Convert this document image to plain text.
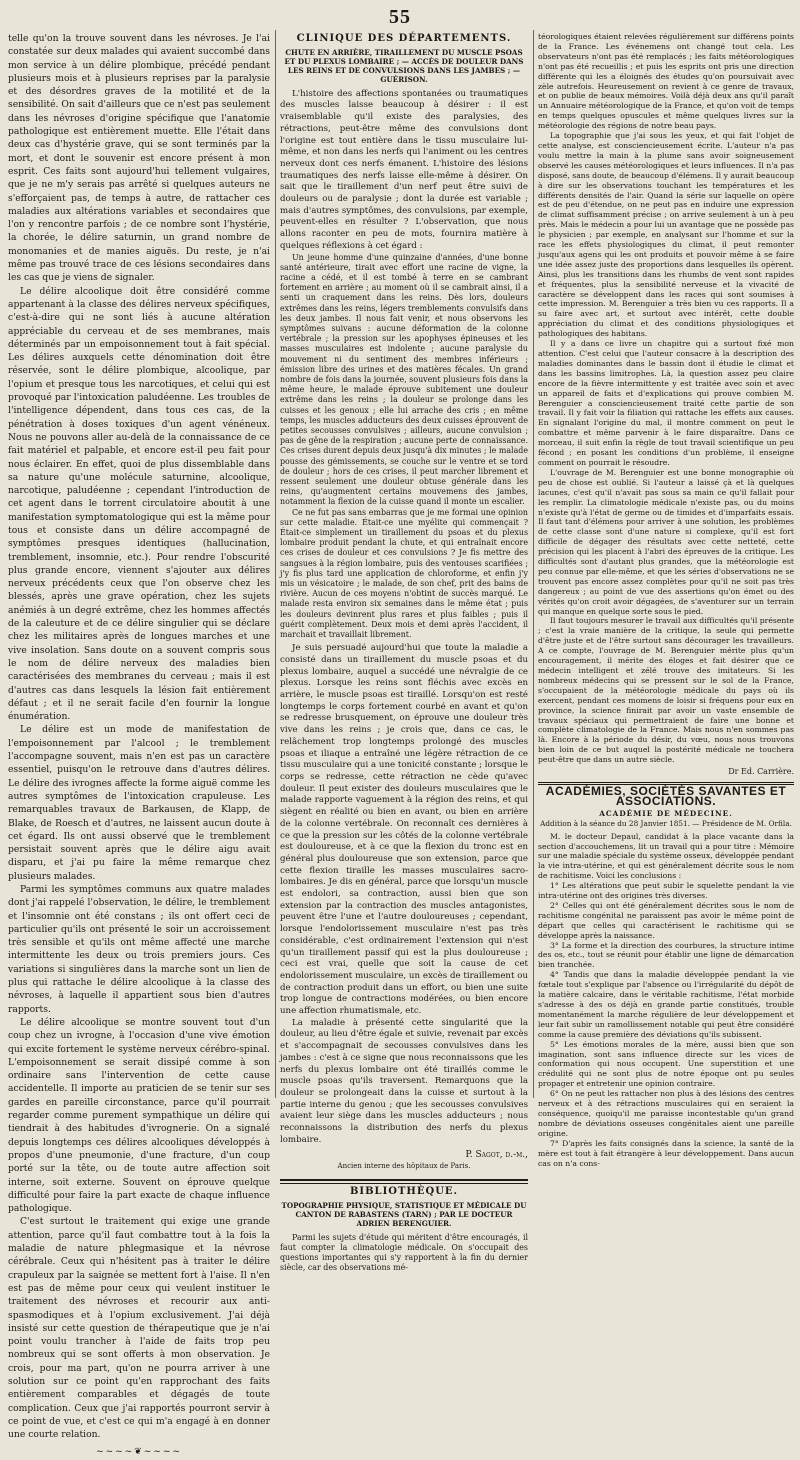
55

telle qu'on la trouve souvent dans les névroses. Je l'ai constatée sur deux malades qui avaient succombé dans mon service à un délire plombique, précédé pendant plusieurs mois et à plusieurs reprises par la paralysie et des désordres graves de la motilité et de la sensibilité. On sait d'ailleurs que ce n'est pas seulement dans les névroses d'origine spécifique que l'anatomie pathologique est entièrement muette. Elle l'était dans deux cas d'hystérie grave, qui se sont terminés par la mort, et dont le souvenir est encore présent à mon esprit. Ces faits sont aujourd'hui tellement vulgaires, que je ne m'y serais pas arrêté si quelques auteurs ne s'efforçaient pas, de temps à autre, de rattacher ces maladies aux altérations variables et secondaires que l'on y rencontre parfois ; de ce nombre sont l'hystérie, la chorée, le délire saturnin, un grand nombre de monomanies et de manies aiguës. Du reste, je n'ai même pas trouvé trace de ces lésions secondaires dans les cas que je viens de signaler.

Le délire alcoolique doit être considéré comme appartenant à la classe des délires nerveux spécifiques, c'est-à-dire qui ne sont liés à aucune altération appréciable du cerveau et de ses membranes, mais déterminés par un empoisonnement tout à fait spécial. Les délires auxquels cette dénomination doit être réservée, sont le délire plombique, alcoolique, par l'opium et presque tous les narcotiques, et celui qui est provoqué par l'intoxication paludéenne. Les troubles de l'intelligence dépendent, dans tous ces cas, de la pénétration à doses toxiques d'un agent vénéneux. Nous ne pouvons aller au-delà de la connaissance de ce fait matériel et palpable, et encore est-il peu fait pour nous éclairer. En effet, quoi de plus dissemblable dans sa nature qu'une molécule saturnine, alcoolique, narcotique, paludéenne ; cependant l'introduction de cet agent dans le torrent circulatoire aboutit à une manifestation symptomatologique qui est la même pour tous et consiste dans un délire accompagné de symptômes presques identiques (hallucination, tremblement, insomnie, etc.). Pour rendre l'obscurité plus grande encore, viennent s'ajouter aux délires nerveux précédents ceux que l'on observe chez les blessés, après une grave opération, chez les sujets anémiés à un degré extrême, chez les hommes affectés de la caleuture et de ce délire singulier qui se déclare chez les militaires après de longues marches et une vive insolation. Sans doute on a souvent compris sous le nom de délire nerveux des maladies bien caractérisées des membranes du cerveau ; mais il est d'autres cas dans lesquels la lésion fait entièrement défaut ; et il ne serait facile d'en fournir la longue énumération.

Le délire est un mode de manifestation de l'empoisonnement par l'alcool ; le tremblement l'accompagne souvent, mais n'en est pas un caractère essentiel, puisqu'on le retrouve dans d'autres délires. Le délire des ivrognes affecte la forme aiguë comme les autres symptômes de l'intoxication crapuleuse. Les remarquables travaux de Barkausen, de Klapp, de Blake, de Roesch et d'autres, ne laissent aucun doute à cet égard. Ils ont aussi observé que le tremblement persistait souvent après que le délire aigu avait disparu, et j'ai pu faire la même remarque chez plusieurs malades.

Parmi les symptômes communs aux quatre malades dont j'ai rappelé l'observation, le délire, le tremblement et l'insomnie ont été constans ; ils ont offert ceci de particulier qu'ils ont présenté le soir un accroissement très sensible et qu'ils ont même affecté une marche intermittente les deux ou trois premiers jours. Ces variations si singulières dans la marche sont un lien de plus qui rattache le délire alcoolique à la classe des névroses, à laquelle il appartient sous bien d'autres rapports.

Le délire alcoolique se montre souvent tout d'un coup chez un ivrogne, à l'occasion d'une vive émotion qui excite fortement le système nerveux cérébro-spinal. L'empoisonnement se serait dissipé comme à son ordinaire sans l'intervention de cette cause accidentelle. Il importe au praticien de se tenir sur ses gardes en pareille circonstance, parce qu'il pourrait regarder comme purement sympathique un délire qui tiendrait à des habitudes d'ivrognerie. On a signalé depuis longtemps ces délires alcooliques développés à propos d'une pneumonie, d'une fracture, d'un coup porté sur la tête, ou de toute autre affection soit interne, soit externe. Souvent on éprouve quelque difficulté pour faire la part exacte de chaque influence pathologique.

C'est surtout le traitement qui exige une grande attention, parce qu'il faut combattre tout à la fois la maladie de nature phlegmasique et la névrose cérébrale. Ceux qui n'hésitent pas à traiter le délire crapuleux par la saignée se mettent fort à l'aise. Il n'en est pas de même pour ceux qui veulent instituer le traitement des névroses et recourir aux anti-spasmodiques et à l'opium exclusivement. J'ai déjà insisté sur cette question de thérapeutique que je n'ai point voulu trancher à l'aide de faits trop peu nombreux qui se sont offerts à mon observation. Je crois, pour ma part, qu'on ne pourra arriver à une solution sur ce point qu'en rapprochant des faits entièrement comparables et dégagés de toute complication. Ceux que j'ai rapportés pourront servir à ce point de vue, et c'est ce qui m'a engagé à en donner une courte relation.

~~~~❦~~~~
CLINIQUE DES DÉPARTEMENTS.
CHUTE EN ARRIÈRE, TIRAILLEMENT DU MUSCLE PSOAS ET DU PLEXUS LOMBAIRE ; — ACCÈS DE DOULEUR DANS LES REINS ET DE CONVULSIONS DANS LES JAMBES ; — GUÉRISON.

L'histoire des affections spontanées ou traumatiques des muscles laisse beaucoup à désirer : il est vraisemblable qu'il existe des paralysies, des rétractions, peut-être même des convulsions dont l'origine est tout entière dans le tissu musculaire lui-même, et non dans les nerfs qui l'animent ou les centres nerveux dont ces nerfs émanent. L'histoire des lésions traumatiques des nerfs laisse elle-même à désirer. On sait que le tiraillement d'un nerf peut être suivi de douleurs ou de paralysie ; dont la durée est variable ; mais d'autres symptômes, des convulsions, par exemple, peuvent-elles en résulter ? L'observation, que nous allons raconter en peu de mots, fournira matière à quelques réflexions à cet égard :

Un jeune homme d'une quinzaine d'années, d'une bonne santé antérieure, tirait avec effort une racine de vigne, la racine a cédé, et il est tombé à terre en se cambrant fortement en arrière ; au moment où il se cambrait ainsi, il a senti un craquement dans les reins. Dès lors, douleurs extrêmes dans les reins, légers tremblements convulsifs dans les deux jambes. Il nous fait venir, et nous observons les symptômes suivans : aucune déformation de la colonne vertébrale ; la pression sur les apophyses épineuses et les masses musculaires est indolente ; aucune paralysie du mouvement ni du sentiment des membres inférieurs ; émission libre des urines et des matières fécales. Un grand nombre de fois dans la journée, souvent plusieurs fois dans la même heure, le malade éprouve subitement une douleur extrême dans les reins ; la douleur se prolonge dans les cuisses et les genoux ; elle lui arrache des cris ; en même temps, les muscles adducteurs des deux cuisses éprouvent de petites secousses convulsives ; ailleurs, aucune convulsion ; pas de gêne de la respiration ; aucune perte de connaissance. Ces crises durent depuis deux jusqu'à dix minutes ; le malade pousse des gémissements, se couche sur le ventre et se tord de douleur ; hors de ces crises, il peut marcher librement et ressent seulement une douleur obtuse générale dans les reins, qu'augmentent certains mouvemens des jambes, notamment la flexion de la cuisse quand il monte un escalier.

Ce ne fut pas sans embarras que je me formai une opinion sur cette maladie. Était-ce une myélite qui commençait ? Était-ce simplement un tiraillement du psoas et du plexus lombaire produit pendant la chute, et qui entraînait encore ces crises de douleur et ces convulsions ? Je fis mettre des sangsues à la région lombaire, puis des ventouses scarifiées ; j'y fis plus tard une application de chloroforme, et enfin j'y mis un vésicatoire ; le malade, de son chef, prit des bains de rivière. Aucun de ces moyens n'obtint de succès marqué. Le malade resta environ six semaines dans le même état ; puis les douleurs devinrent plus rares et plus faibles ; puis il guérit complètement. Deux mois et demi après l'accident, il marchait et travaillait librement.

Je suis persuadé aujourd'hui que toute la maladie a consisté dans un tiraillement du muscle psoas et du plexus lombaire, auquel a succédé une névralgie de ce plexus. Lorsque les reins sont fléchis avec excès en arrière, le muscle psoas est tiraillé. Lorsqu'on est resté longtemps le corps fortement courbé en avant et qu'on se redresse brusquement, on éprouve une douleur très vive dans les reins ; je crois que, dans ce cas, le relâchement trop longtemps prolongé des muscles psoas et iliaque a entraîné une légère rétraction de ce tissu musculaire qui a une tonicité constante ; lorsque le corps se redresse, cette rétraction ne cède qu'avec douleur. Il peut exister des douleurs musculaires que le malade rapporte vaguement à la région des reins, et qui siègent en réalité ou bien en avant, ou bien en arrière de la colonne vertébrale. On reconnaît ces dernières à ce que la pression sur les côtés de la colonne vertébrale est douloureuse, et à ce que la flexion du tronc est en général plus douloureuse que son extension, parce que cette flexion tiraille les masses musculaires sacro-lombaires. Je dis en général, parce que lorsqu'un muscle est endolori, sa contraction, aussi bien que son extension par la contraction des muscles antagonistes, peuvent être l'une et l'autre douloureuses ; cependant, lorsque l'endolorissement musculaire n'est pas très considérable, c'est ordinairement l'extension qui n'est qu'un tiraillement passif qui est la plus douloureuse ; ceci est vrai, quelle que soit la cause de cet endolorissement musculaire, un excès de tiraillement ou de contraction produit dans un effort, ou bien une suite trop longue de contractions modérées, ou bien encore une affection rhumatismale, etc.

La maladie à présenté cette singularité que la douleur, au lieu d'être égale et suivie, revenait par excès et s'accompagnait de secousses convulsives dans les jambes : c'est à ce signe que nous reconnaissons que les nerfs du plexus lombaire ont été tiraillés comme le muscle psoas qu'ils traversent. Remarquons que la douleur se prolongeait dans la cuisse et surtout à la partie interne du genou ; que les secousses convulsives avaient leur siège dans les muscles adducteurs ; nous reconnaissons la distribution des nerfs du plexus lombaire.

P. Sagot, d.-m.,
Ancien interne des hôpitaux de Paris.
BIBLIOTHÈQUE.
TOPOGRAPHIE PHYSIQUE, STATISTIQUE ET MÉDICALE DU CANTON DE RABASTENS (TARN) ; PAR LE DOCTEUR ADRIEN BERENGUIER.

Parmi les sujets d'étude qui méritent d'être encouragés, il faut compter la climatologie médicale. On s'occupait des questions importantes qui s'y rapportent à la fin du dernier siècle, car des observations mé-

téorologiques étaient relevées régulièrement sur différens points de la France. Les événemens ont changé tout cela. Les observateurs n'ont pas été remplacés ; les faits météorologiques n'ont pas été recueillis ; et puis les esprits ont pris une direction différente qui les a éloignés des études qu'on poursuivait avec zèle autrefois. Heureusement on revient à ce genre de travaux, et on publie de beaux mémoires. Voilà déjà deux ans qu'il paraît un Annuaire météorologique de la France, et qu'on voit de temps en temps quelques opuscules et même quelques livres sur la météorologie des régions de notre beau pays.

La topographie que j'ai sous les yeux, et qui fait l'objet de cette analyse, est consciencieusement écrite. L'auteur n'a pas voulu mettre la main à la plume sans avoir soigneusement observé les causes météorologiques et leurs influences. Il n'a pas disposé, sans doute, de beaucoup d'élémens. Il y aurait beaucoup à dire sur les observations touchant les températures et les différents densités de l'air. Quand la série sur laquelle on opère est de peu d'étendue, on ne peut pas en induire une expression de climat suffisamment précise ; on arrive seulement à un à peu près. Mais le médecin a pour lui un avantage que ne possède pas le physicien ; par exemple, en analysant sur l'homme et sur la race les effets physiologiques du climat, il peut remonter jusqu'aux agens qui les ont produits et pouvoir même à se faire une idée assez juste des proportions dans lesquelles ils opèrent. Ainsi, plus les transitions dans les rhumbs de vent sont rapides et fréquentes, plus la sensibilité nerveuse et la vivacité de caractère se développent dans les races qui sont soumises à cette impression. M. Berenguier a très bien vu ces rapports. Il a su faire avec art, et surtout avec intérêt, cette double appréciation du climat et des conditions physiologiques et pathologiques des habitans.

Il y a dans ce livre un chapitre qui a surtout fixé mon attention. C'est celui que l'auteur consacre à la description des maladies dominantes dans le bassin dont il étudie le climat et dans les bassins limitrophes. Là, la question assez peu claire encore de la fièvre intermittente y est traitée avec soin et avec un appareil de faits et d'explications qui prouve combien M. Berenguier a consciencieusement traité cette partie de son travail. Il y fait voir la filiation qui rattache les effets aux causes. En signalant l'origine du mal, il montre comment on peut le combattre et même parvenir à le faire disparaître. Dans ce morceau, il suit enfin la règle de tout travail scientifique un peu fécond ; en posant les conditions d'un problème, il enseigne comment on pourrait le résoudre.

L'ouvrage de M. Berenguier est une bonne monographie où peu de chose est oublié. Si l'auteur a laissé çà et là quelques lacunes, c'est qu'il n'avait pas sous sa main ce qu'il fallait pour les remplir. La climatologie médicale n'existe pas, ou du moins n'existe qu'à l'état de germe ou de timides et d'imparfaits essais. Il faut tant d'élémens pour arriver à une solution, les problèmes de cette classe sont d'une nature si complexe, qu'il est fort difficile de dégager des résultats avec cette netteté, cette précision qui les placent à l'abri des épreuves de la critique. Les difficultés sont d'autant plus grandes, que la météorologie est peu connue par elle-même, et que les séries d'observations ne se trouvent pas encore assez complètes pour qu'il ne soit pas très dangereux ; au point de vue des assertions qu'on émet ou des vérités qu'on croit avoir dégagées, de s'aventurer sur un terrain qui manque en quelque sorte sous le pied.

Il faut toujours mesurer le travail aux difficultés qu'il présente ; c'est la vraie manière de la critique, la seule qui permette d'être juste et de l'être surtout sans décourager les travailleurs. A ce compte, l'ouvrage de M. Berenguier mérite plus qu'un encouragement, il mérite des éloges et fait désirer que ce médecin intelligent et zélé trouve des imitateurs. Si les nombreux médecins qui se pressent sur le sol de la France, s'occupaient de la météorologie médicale du pays où ils exercent, pendant ces momens de loisir si fréquens pour eux en province, la science finirait par avoir un vaste ensemble de travaux spéciaux qui permettraient de faire une bonne et complète climatologie de la France. Mais nous n'en sommes pas là. Encore à la période du désir, du vœu, nous nous trouvons bien loin de ce but auquel la postérité médicale ne touchera peut-être que dans un autre siècle.

Dr Ed. Carrière.
ACADÉMIES, SOCIÉTÉS SAVANTES ET ASSOCIATIONS.
ACADÉMIE DE MÉDECINE.
Addition à la séance du 28 Janvier 1851. — Présidence de M. Orfila.

M. le docteur Depaul, candidat à la place vacante dans la section d'accouchemens, lit un travail qui a pour titre : Mémoire sur une maladie spéciale du système osseux, développée pendant la vie intra-utérine, et qui est généralement décrite sous le nom de rachitisme. Voici les conclusions :

1° Les altérations que peut subir le squelette pendant la vie intra-utérine ont des origines très diverses.

2° Celles qui ont été généralement décrites sous le nom de rachitisme congénital ne paraissent pas avoir le même point de départ que celles qui caractérisent le rachitisme qui se développe après la naissance.

3° La forme et la direction des courbures, la structure intime des os, etc., tout se réunit pour établir une ligne de démarcation bien tranchée.

4° Tandis que dans la maladie développée pendant la vie fœtale tout s'explique par l'absence ou l'irrégularité du dépôt de la matière calcaire, dans le véritable rachitisme, l'état morbide s'adresse à des os déjà en grande partie constitués, trouble momentanément la marche régulière de leur développement et leur fait subir un ramollissement notable qui peut être considéré comme la cause première des déviations qu'ils subissent.

5° Les émotions morales de la mère, aussi bien que son imagination, sont sans influence directe sur les vices de conformation qui nous occupent. Une superstition et une crédulité qui ne sont plus de notre époque ont pu seules propager et entretenir une opinion contraire.

6° On ne peut les rattacher non plus à des lésions des centres nerveux et à des rétractions musculaires qui en seraient la conséquence, quoiqu'il me paraisse incontestable qu'un grand nombre de déviations osseuses congénitales aient une pareille origine.

7° D'après les faits consignés dans la science, la santé de la mère est tout à fait étrangère à leur développement. Dans aucun cas on n'a cons-
